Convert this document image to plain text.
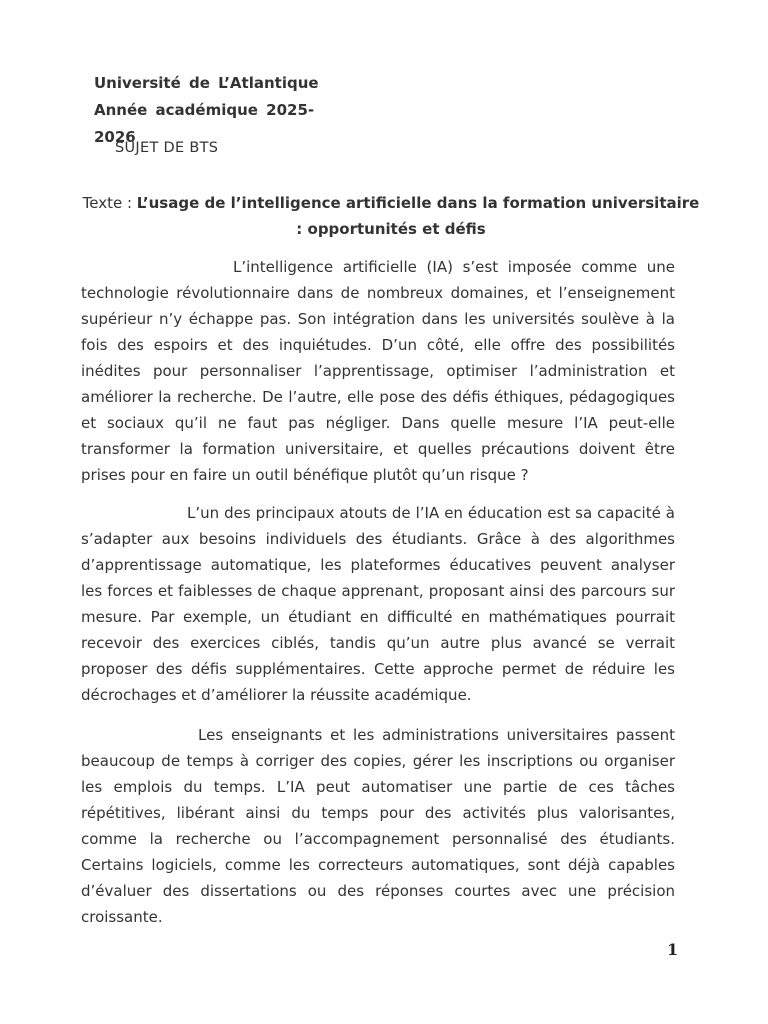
Université de L’Atlantique
Année académique 2025-2026
SUJET DE BTS
Texte : L’usage de l’intelligence artificielle dans la formation universitaire : opportunités et défis

L’intelligence artificielle (IA) s’est imposée comme une technologie révolutionnaire dans de nombreux domaines, et l’enseignement supérieur n’y échappe pas. Son intégration dans les universités soulève à la fois des espoirs et des inquiétudes. D’un côté, elle offre des possibilités inédites pour personnaliser l’apprentissage, optimiser l’administration et améliorer la recherche. De l’autre, elle pose des défis éthiques, pédagogiques et sociaux qu’il ne faut pas négliger. Dans quelle mesure l’IA peut-elle transformer la formation universitaire, et quelles précautions doivent être prises pour en faire un outil bénéfique plutôt qu’un risque ?

L’un des principaux atouts de l’IA en éducation est sa capacité à s’adapter aux besoins individuels des étudiants. Grâce à des algorithmes d’apprentissage automatique, les plateformes éducatives peuvent analyser les forces et faiblesses de chaque apprenant, proposant ainsi des parcours sur mesure. Par exemple, un étudiant en difficulté en mathématiques pourrait recevoir des exercices ciblés, tandis qu’un autre plus avancé se verrait proposer des défis supplémentaires. Cette approche permet de réduire les décrochages et d’améliorer la réussite académique.

Les enseignants et les administrations universitaires passent beaucoup de temps à corriger des copies, gérer les inscriptions ou organiser les emplois du temps. L’IA peut automatiser une partie de ces tâches répétitives, libérant ainsi du temps pour des activités plus valorisantes, comme la recherche ou l’accompagnement personnalisé des étudiants. Certains logiciels, comme les correcteurs automatiques, sont déjà capables d’évaluer des dissertations ou des réponses courtes avec une précision croissante.

1
